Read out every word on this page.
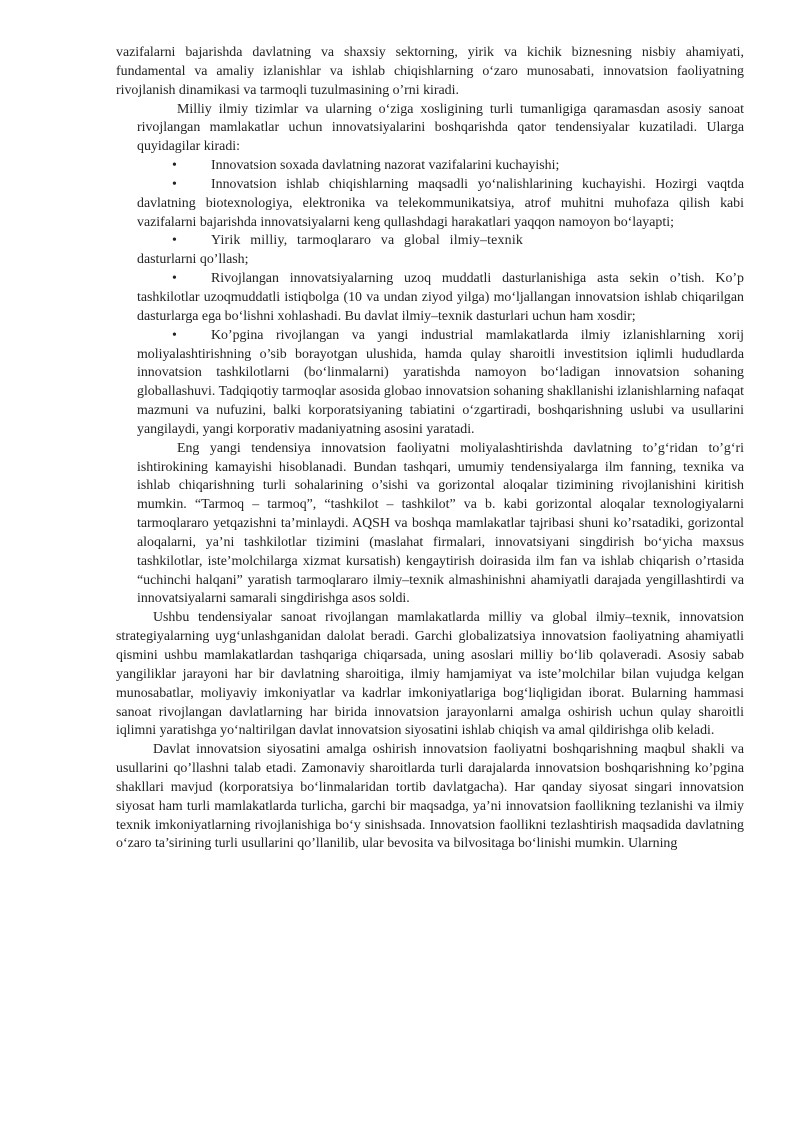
vazifalarni bajarishda davlatning va shaxsiy sektorning, yirik va kichik biznesning nisbiy ahamiyati, fundamental va amaliy izlanishlar va ishlab chiqishlarning o‘zaro munosabati, innovatsion faoliyatning rivojlanish dinamikasi va tarmoqli tuzulmasining o’rni kiradi.

Milliy ilmiy tizimlar va ularning o‘ziga xosligining turli tumanligiga qaramasdan asosiy sanoat rivojlangan mamlakatlar uchun innovatsiyalarini boshqarishda qator tendensiyalar kuzatiladi. Ularga quyidagilar kiradi:

• Innovatsion soxada davlatning nazorat vazifalarini kuchayishi;

• Innovatsion ishlab chiqishlarning maqsadli yo‘nalishlarining kuchayishi. Hozirgi vaqtda davlatning biotexnologiya, elektronika va telekommunikatsiya, atrof muhitni muhofaza qilish kabi vazifalarni bajarishda innovatsiyalarni keng qullashdagi harakatlari yaqqon namoyon bo‘layapti;

• Yirik milliy, tarmoqlararo va global ilmiy–texnik

dasturlarni qo’llash;

• Rivojlangan innovatsiyalarning uzoq muddatli dasturlanishiga asta sekin o’tish. Ko’p tashkilotlar uzoqmuddatli istiqbolga (10 va undan ziyod yilga) mo‘ljallangan innovatsion ishlab chiqarilgan dasturlarga ega bo‘lishni xohlashadi. Bu davlat ilmiy–texnik dasturlari uchun ham xosdir;

• Ko’pgina rivojlangan va yangi industrial mamlakatlarda ilmiy izlanishlarning xorij moliyalashtirishning o’sib borayotgan ulushida, hamda qulay sharoitli investitsion iqlimli hududlarda innovatsion tashkilotlarni (bo‘linmalarni) yaratishda namoyon bo‘ladigan innovatsion sohaning globallashuvi. Tadqiqotiy tarmoqlar asosida globao innovatsion sohaning shakllanishi izlanishlarning nafaqat mazmuni va nufuzini, balki korporatsiyaning tabiatini o‘zgartiradi, boshqarishning uslubi va usullarini yangilaydi, yangi korporativ madaniyatning asosini yaratadi.

Eng yangi tendensiya innovatsion faoliyatni moliyalashtirishda davlatning to’g‘ridan to’g‘ri ishtirokining kamayishi hisoblanadi. Bundan tashqari, umumiy tendensiyalarga ilm fanning, texnika va ishlab chiqarishning turli sohalarining o’sishi va gorizontal aloqalar tizimining rivojlanishini kiritish mumkin. “Tarmoq – tarmoq”, “tashkilot – tashkilot” va b. kabi gorizontal aloqalar texnologiyalarni tarmoqlararo yetqazishni ta’minlaydi. AQSH va boshqa mamlakatlar tajribasi shuni ko’rsatadiki, gorizontal aloqalarni, ya’ni tashkilotlar tizimini (maslahat firmalari, innovatsiyani singdirish bo‘yicha maxsus tashkilotlar, iste’molchilarga xizmat kursatish) kengaytirish doirasida ilm fan va ishlab chiqarish o’rtasida “uchinchi halqani” yaratish tarmoqlararo ilmiy–texnik almashinishni ahamiyatli darajada yengillashtirdi va innovatsiyalarni samarali singdirishga asos soldi.

Ushbu tendensiyalar sanoat rivojlangan mamlakatlarda milliy va global ilmiy–texnik, innovatsion strategiyalarning uyg‘unlashganidan dalolat beradi. Garchi globalizatsiya innovatsion faoliyatning ahamiyatli qismini ushbu mamlakatlardan tashqariga chiqarsada, uning asoslari milliy bo‘lib qolaveradi. Asosiy sabab yangiliklar jarayoni har bir davlatning sharoitiga, ilmiy hamjamiyat va iste’molchilar bilan vujudga kelgan munosabatlar, moliyaviy imkoniyatlar va kadrlar imkoniyatlariga bog‘liqligidan iborat. Bularning hammasi sanoat rivojlangan davlatlarning har birida innovatsion jarayonlarni amalga oshirish uchun qulay sharoitli iqlimni yaratishga yo‘naltirilgan davlat innovatsion siyosatini ishlab chiqish va amal qildirishga olib keladi.

Davlat innovatsion siyosatini amalga oshirish innovatsion faoliyatni boshqarishning maqbul shakli va usullarini qo’llashni talab etadi. Zamonaviy sharoitlarda turli darajalarda innovatsion boshqarishning ko’pgina shakllari mavjud (korporatsiya bo‘linmalaridan tortib davlatgacha). Har qanday siyosat singari innovatsion siyosat ham turli mamlakatlarda turlicha, garchi bir maqsadga, ya’ni innovatsion faollikning tezlanishi va ilmiy texnik imkoniyatlarning rivojlanishiga bo‘y sinishsada. Innovatsion faollikni tezlashtirish maqsadida davlatning o‘zaro ta’sirining turli usullarini qo’llanilib, ular bevosita va bilvositaga bo‘linishi mumkin. Ularning
